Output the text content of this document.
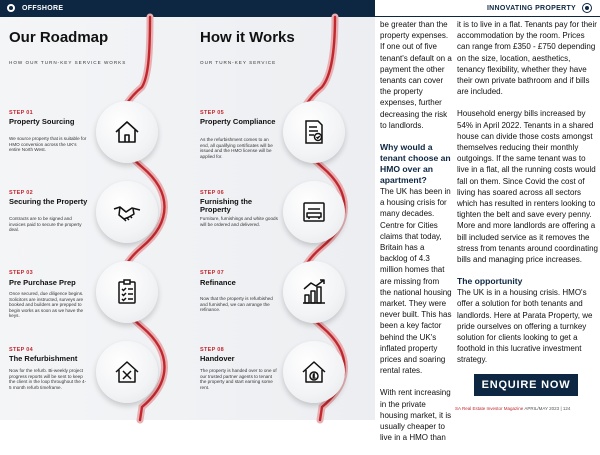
OFFSHORE	INNOVATING PROPERTY
Our Roadmap
HOW OUR TURN-KEY SERVICE WORKS
How it Works
OUR TURN-KEY SERVICE
STEP 01
Property Sourcing
We source property that is suitable for HMO conversion across the UK's entire North West.
STEP 02
Securing the Property
Contracts are to be signed and invoices paid to secure the property deal.
STEP 03
Pre Purchase Prep
Once secured, due diligence begins. Solicitors are instructed, surveys are booked and builders are prepped to begin works as soon as we have the keys.
STEP 04
The Refurbishment
Now for the refurb. Bi-weekly project progress reports will be sent to keep the client in the loop throughout the 4-5 month refurb timeframe.
STEP 05
Property Compliance
As the refurbishment comes to an end, all qualifying certificates will be issued and the HMO license will be applied for.
STEP 06
Furnishing the Property
Furniture, furnishings and white goods will be ordered and delivered.
STEP 07
Refinance
Now that the property is refurbished and furnished, we can arrange the refinance.
STEP 08
Handover
The property is handed over to one of our trusted partner agents to tenant the property and start earning some rent.

be greater than the property expenses. If one out of five tenant's default on a payment the other tenants can cover the property expenses, further decreasing the risk to landlords.

Why would a tenant choose an HMO over an apartment?

The UK has been in a housing crisis for many decades. Centre for Cities claims that today, Britain has a backlog of 4.3 million homes that are missing from the national housing market. They were never built. This has been a key factor behind the UK's inflated property prices and soaring rental rates.

With rent increasing in the private housing market, it is usually cheaper to live in a HMO than

it is to live in a flat. Tenants pay for their accommodation by the room. Prices can range from £350 - £750 depending on the size, location, aesthetics, tenancy flexibility, whether they have their own private bathroom and if bills are included.

Household energy bills increased by 54% in April 2022. Tenants in a shared house can divide those costs amongst themselves reducing their monthly outgoings. If the same tenant was to live in a flat, all the running costs would fall on them. Since Covid the cost of living has soared across all sectors which has resulted in renters looking to tighten the belt and save every penny. More and more landlords are offering a bill included service as it removes the stress from tenants around coordinating bills and managing price increases.

The opportunity

The UK is in a housing crisis. HMO's offer a solution for both tenants and landlords. Here at Parata Property, we pride ourselves on offering a turnkey solution for clients looking to get a foothold in this lucrative investment strategy.

ENQUIRE NOW
SA Real Estate Investor Magazine APRIL/MAY 2023 | 124
